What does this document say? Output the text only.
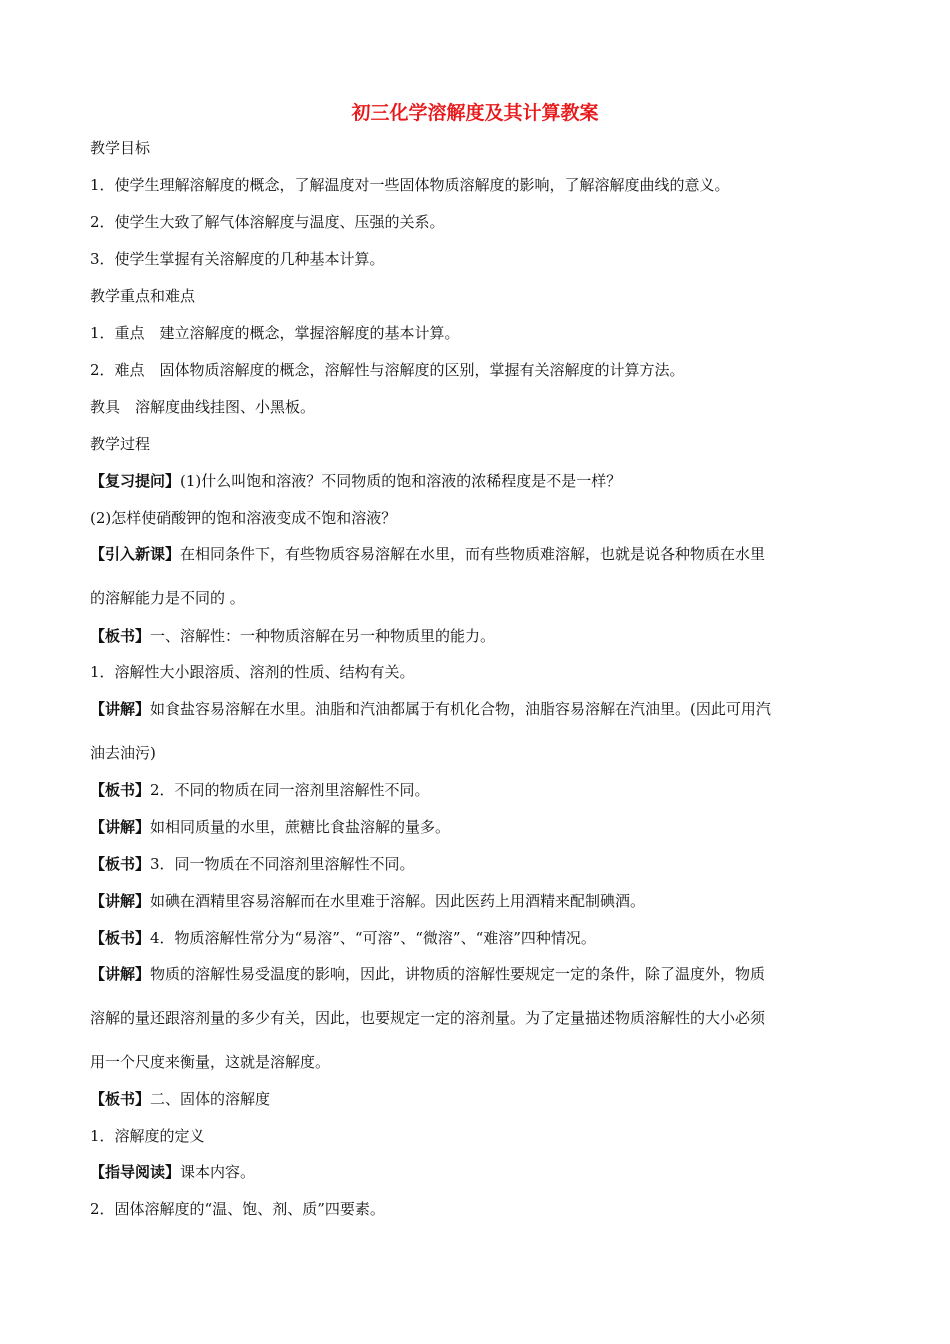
初三化学溶解度及其计算教案
教学目标
1．使学生理解溶解度的概念，了解温度对一些固体物质溶解度的影响，了解溶解度曲线的意义。
2．使学生大致了解气体溶解度与温度、压强的关系。
3．使学生掌握有关溶解度的几种基本计算。
教学重点和难点
1．重点　建立溶解度的概念，掌握溶解度的基本计算。
2．难点　固体物质溶解度的概念，溶解性与溶解度的区别，掌握有关溶解度的计算方法。
教具　溶解度曲线挂图、小黑板。
教学过程
【复习提问】(1)什么叫饱和溶液？不同物质的饱和溶液的浓稀程度是不是一样？
(2)怎样使硝酸钾的饱和溶液变成不饱和溶液？
【引入新课】在相同条件下，有些物质容易溶解在水里，而有些物质难溶解，也就是说各种物质在水里
的溶解能力是不同的 。
【板书】一、溶解性：一种物质溶解在另一种物质里的能力。
1．溶解性大小跟溶质、溶剂的性质、结构有关。
【讲解】如食盐容易溶解在水里。油脂和汽油都属于有机化合物，油脂容易溶解在汽油里。(因此可用汽
油去油污)
【板书】2．不同的物质在同一溶剂里溶解性不同。
【讲解】如相同质量的水里，蔗糖比食盐溶解的量多。
【板书】3．同一物质在不同溶剂里溶解性不同。
【讲解】如碘在酒精里容易溶解而在水里难于溶解。因此医药上用酒精来配制碘酒。
【板书】4．物质溶解性常分为“易溶”、“可溶”、“微溶”、“难溶”四种情况。
【讲解】物质的溶解性易受温度的影响，因此，讲物质的溶解性要规定一定的条件，除了温度外，物质
溶解的量还跟溶剂量的多少有关，因此，也要规定一定的溶剂量。为了定量描述物质溶解性的大小必须
用一个尺度来衡量，这就是溶解度。
【板书】二、固体的溶解度
1．溶解度的定义
【指导阅读】课本内容。
2．固体溶解度的“温、饱、剂、质”四要素。
